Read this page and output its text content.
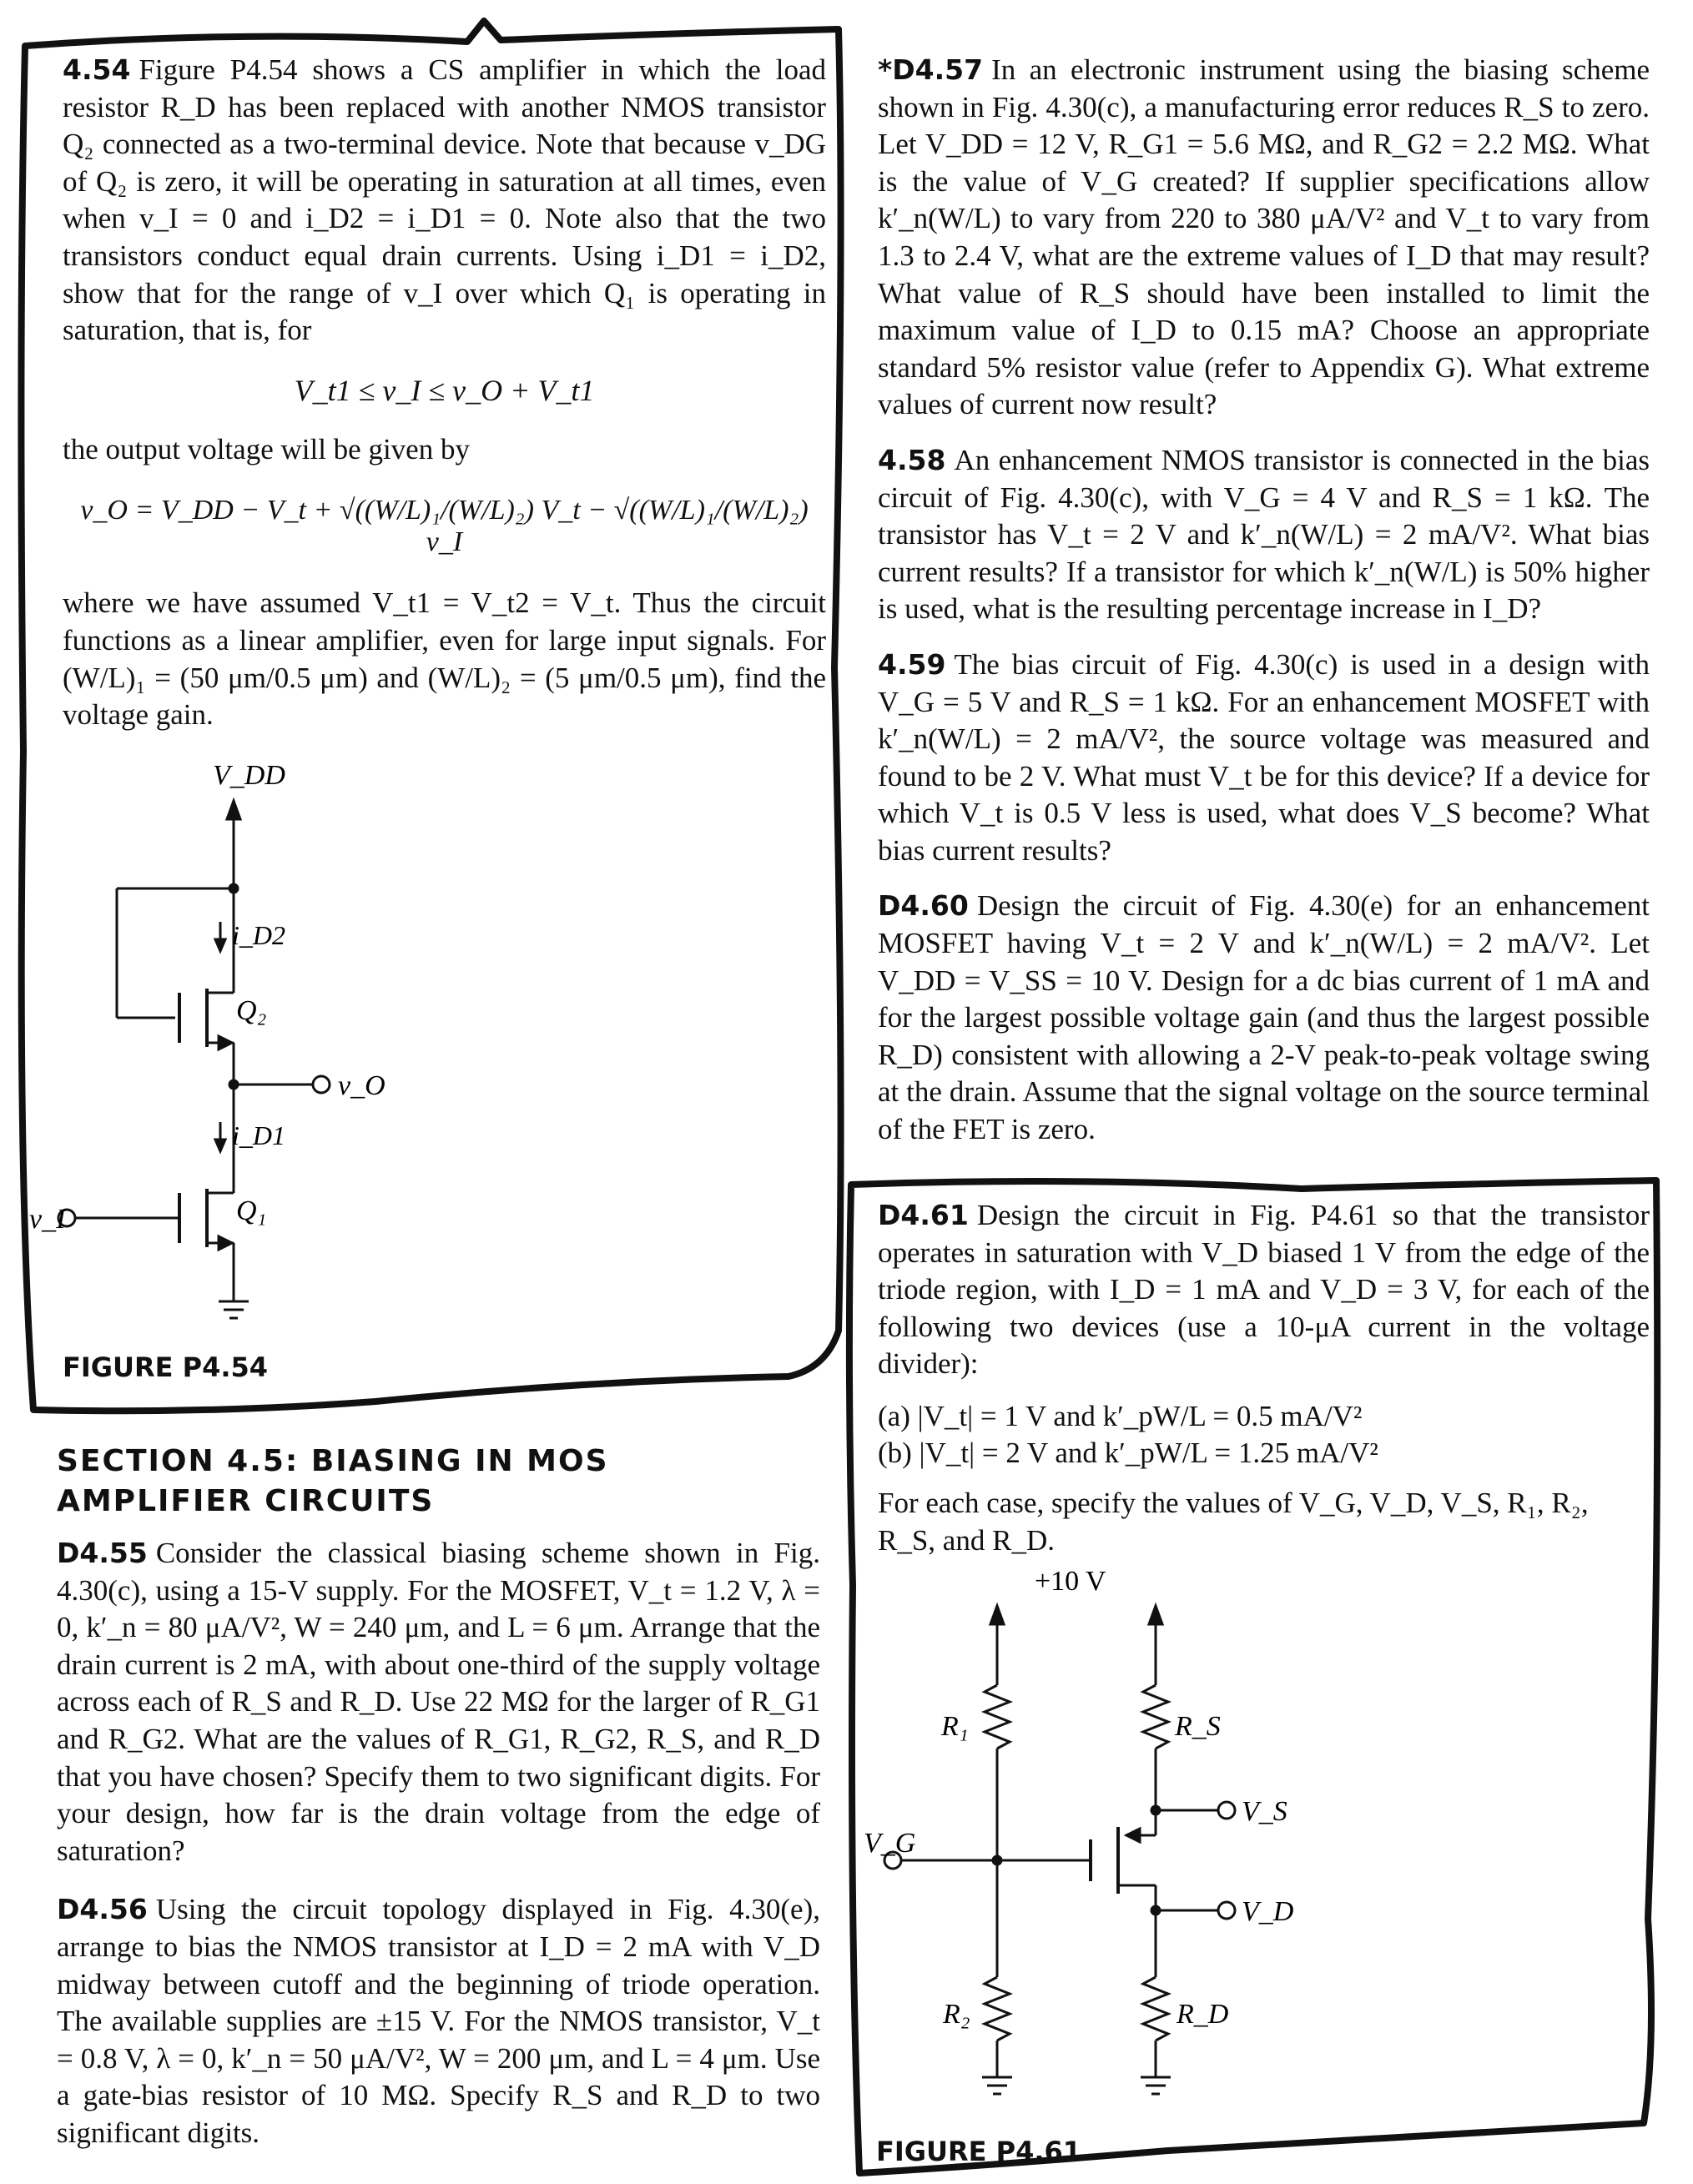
4.54 Figure P4.54 shows a CS amplifier in which the load resistor R_D has been replaced with another NMOS transistor Q₂ connected as a two-terminal device. Note that because v_DG of Q₂ is zero, it will be operating in saturation at all times, even when v_I = 0 and i_D2 = i_D1 = 0. Note also that the two transistors conduct equal drain currents. Using i_D1 = i_D2, show that for the range of v_I over which Q₁ is operating in saturation, that is, for

V_t1 ≤ v_I ≤ v_O + V_t1

the output voltage will be given by

v_O = V_DD − V_t + √((W/L)₁/(W/L)₂) V_t − √((W/L)₁/(W/L)₂) v_I

where we have assumed V_t1 = V_t2 = V_t. Thus the circuit functions as a linear amplifier, even for large input signals. For (W/L)₁ = (50 μm/0.5 μm) and (W/L)₂ = (5 μm/0.5 μm), find the voltage gain.

V_DD
i_D2
Q₂
v_O
i_D1
Q₁
v_I
FIGURE P4.54
SECTION 4.5: BIASING IN MOS AMPLIFIER CIRCUITS

D4.55 Consider the classical biasing scheme shown in Fig. 4.30(c), using a 15-V supply. For the MOSFET, V_t = 1.2 V, λ = 0, k′_n = 80 μA/V², W = 240 μm, and L = 6 μm. Arrange that the drain current is 2 mA, with about one-third of the supply voltage across each of R_S and R_D. Use 22 MΩ for the larger of R_G1 and R_G2. What are the values of R_G1, R_G2, R_S, and R_D that you have chosen? Specify them to two significant digits. For your design, how far is the drain voltage from the edge of saturation?

D4.56 Using the circuit topology displayed in Fig. 4.30(e), arrange to bias the NMOS transistor at I_D = 2 mA with V_D midway between cutoff and the beginning of triode operation. The available supplies are ±15 V. For the NMOS transistor, V_t = 0.8 V, λ = 0, k′_n = 50 μA/V², W = 200 μm, and L = 4 μm. Use a gate-bias resistor of 10 MΩ. Specify R_S and R_D to two significant digits.

*D4.57 In an electronic instrument using the biasing scheme shown in Fig. 4.30(c), a manufacturing error reduces R_S to zero. Let V_DD = 12 V, R_G1 = 5.6 MΩ, and R_G2 = 2.2 MΩ. What is the value of V_G created? If supplier specifications allow k′_n(W/L) to vary from 220 to 380 μA/V² and V_t to vary from 1.3 to 2.4 V, what are the extreme values of I_D that may result? What value of R_S should have been installed to limit the maximum value of I_D to 0.15 mA? Choose an appropriate standard 5% resistor value (refer to Appendix G). What extreme values of current now result?

4.58 An enhancement NMOS transistor is connected in the bias circuit of Fig. 4.30(c), with V_G = 4 V and R_S = 1 kΩ. The transistor has V_t = 2 V and k′_n(W/L) = 2 mA/V². What bias current results? If a transistor for which k′_n(W/L) is 50% higher is used, what is the resulting percentage increase in I_D?

4.59 The bias circuit of Fig. 4.30(c) is used in a design with V_G = 5 V and R_S = 1 kΩ. For an enhancement MOSFET with k′_n(W/L) = 2 mA/V², the source voltage was measured and found to be 2 V. What must V_t be for this device? If a device for which V_t is 0.5 V less is used, what does V_S become? What bias current results?

D4.60 Design the circuit of Fig. 4.30(e) for an enhancement MOSFET having V_t = 2 V and k′_n(W/L) = 2 mA/V². Let V_DD = V_SS = 10 V. Design for a dc bias current of 1 mA and for the largest possible voltage gain (and thus the largest possible R_D) consistent with allowing a 2-V peak-to-peak voltage swing at the drain. Assume that the signal voltage on the source terminal of the FET is zero.

D4.61 Design the circuit in Fig. P4.61 so that the transistor operates in saturation with V_D biased 1 V from the edge of the triode region, with I_D = 1 mA and V_D = 3 V, for each of the following two devices (use a 10-μA current in the voltage divider):

(a) |V_t| = 1 V and k′_pW/L = 0.5 mA/V²

(b) |V_t| = 2 V and k′_pW/L = 1.25 mA/V²

For each case, specify the values of V_G, V_D, V_S, R₁, R₂, R_S, and R_D.

+10 V
R₁	R_S
V_S
V_G
V_D
R₂	R_D
FIGURE P4.61
